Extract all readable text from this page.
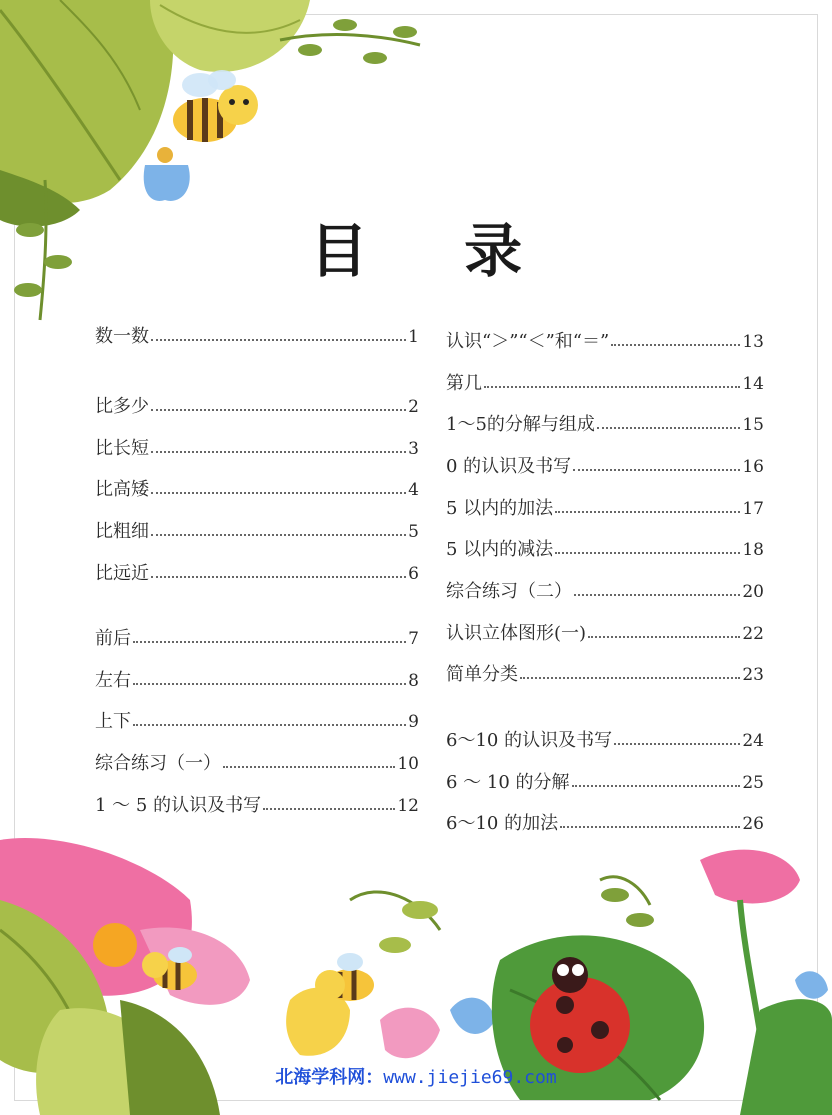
目 录
数一数	1
比多少	2
比长短	3
比高矮	4
比粗细	5
比远近	6
前后	7
左右	8
上下	9
综合练习（一）	10
1 ～ 5 的认识及书写	12
认识“＞”“＜”和“＝”	13
第几	14
1～5的分解与组成	15
0 的认识及书写	16
5 以内的加法	17
5 以内的减法	18
综合练习（二）	20
认识立体图形(一)	22
简单分类	23
6～10 的认识及书写	24
6 ～ 10 的分解	25
6～10 的加法	26
北海学科网：www.jiejie69.com
